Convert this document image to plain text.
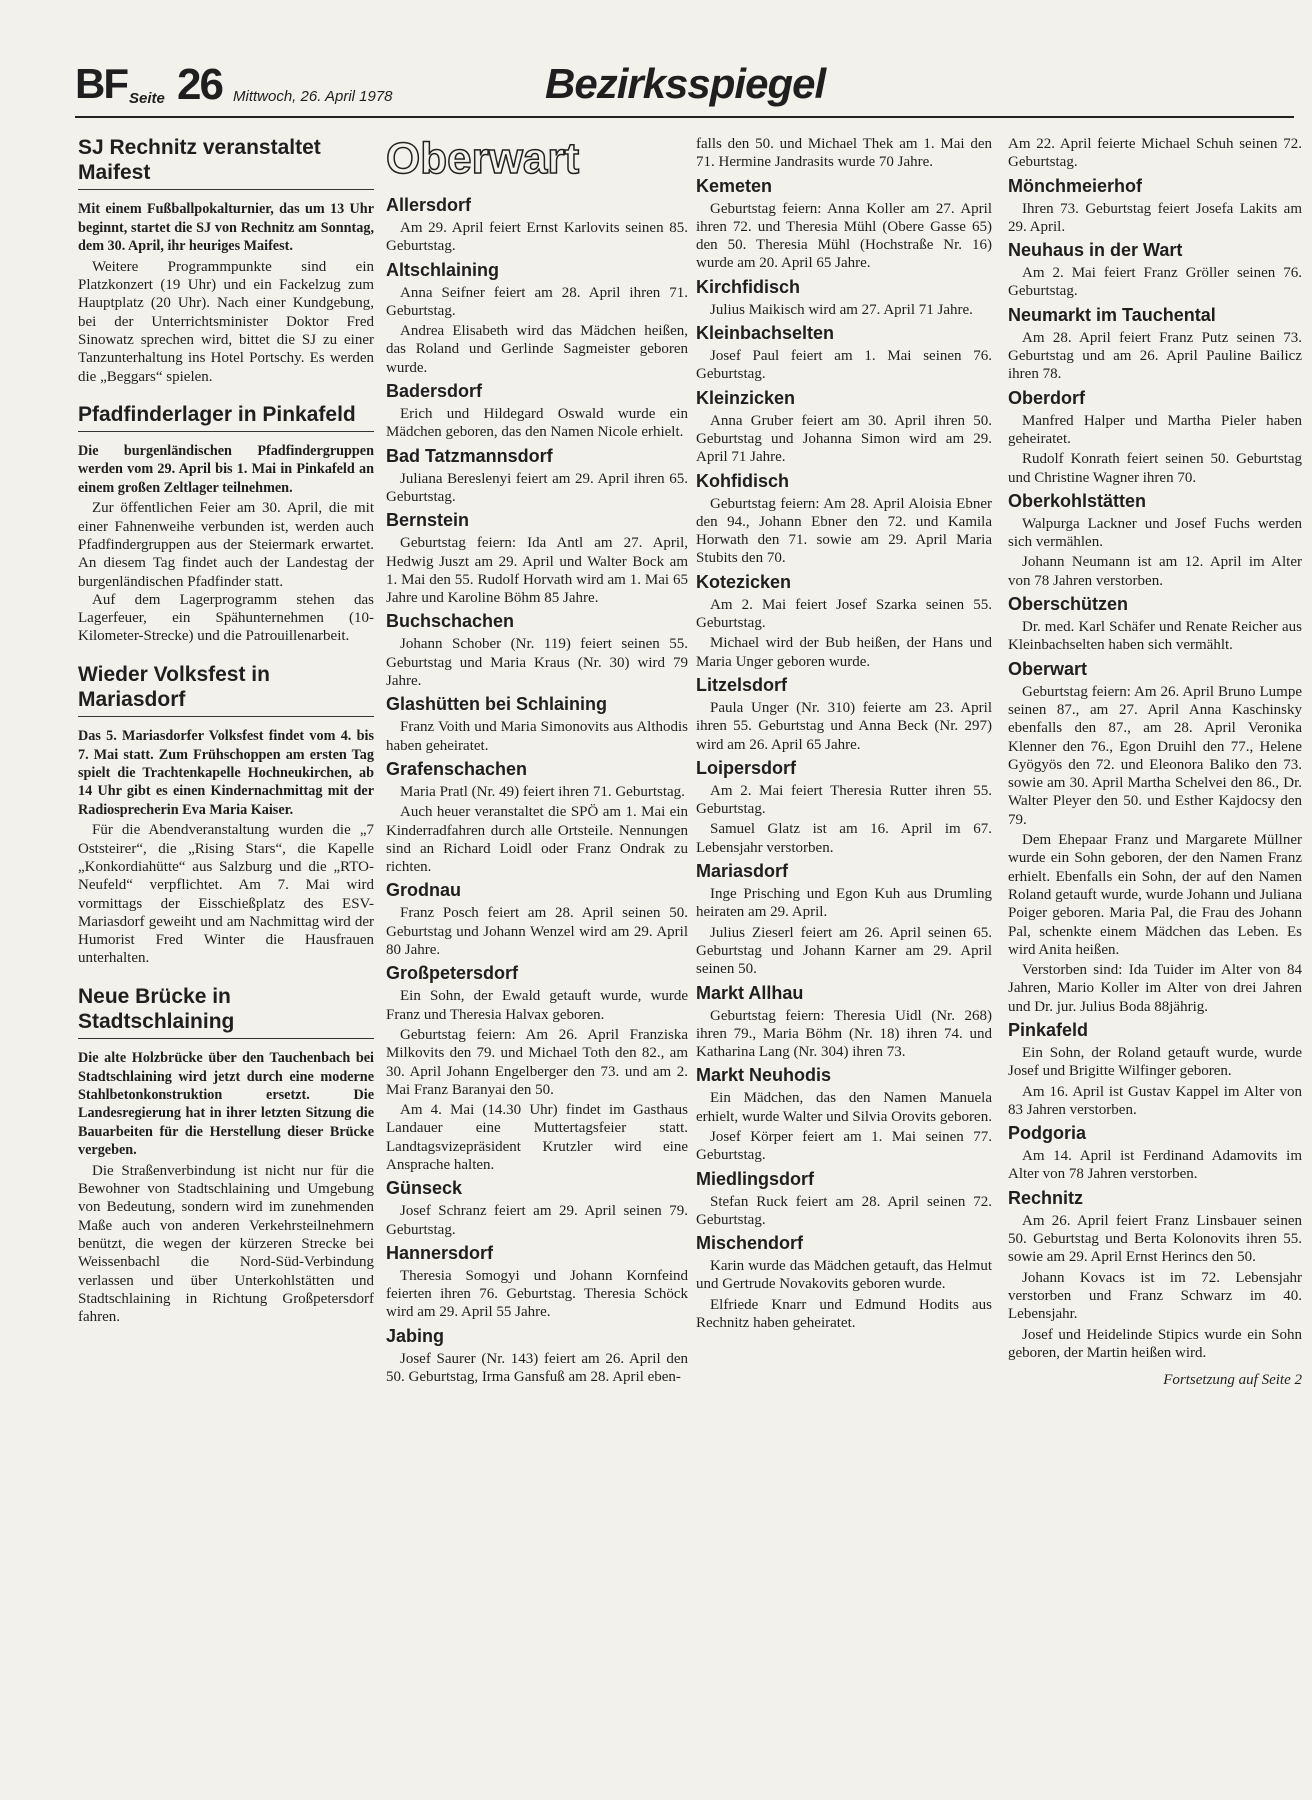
BF Seite 26 Mittwoch, 26. April 1978	Bezirksspiegel
SJ Rechnitz veranstaltet Maifest

Mit einem Fußballpokalturnier, das um 13 Uhr beginnt, startet die SJ von Rechnitz am Sonntag, dem 30. April, ihr heuriges Maifest.

Weitere Programmpunkte sind ein Platzkonzert (19 Uhr) und ein Fackelzug zum Hauptplatz (20 Uhr). Nach einer Kundgebung, bei der Unterrichtsminister Doktor Fred Sinowatz sprechen wird, bittet die SJ zu einer Tanzunterhaltung ins Hotel Portschy. Es werden die „Beggars“ spielen.

Pfadfinderlager in Pinkafeld

Die burgenländischen Pfadfindergruppen werden vom 29. April bis 1. Mai in Pinkafeld an einem großen Zeltlager teilnehmen.

Zur öffentlichen Feier am 30. April, die mit einer Fahnenweihe verbunden ist, werden auch Pfadfindergruppen aus der Steiermark erwartet. An diesem Tag findet auch der Landestag der burgenländischen Pfadfinder statt.

Auf dem Lagerprogramm stehen das Lagerfeuer, ein Spähunternehmen (10-Kilometer-Strecke) und die Patrouillenarbeit.

Wieder Volksfest in Mariasdorf

Das 5. Mariasdorfer Volksfest findet vom 4. bis 7. Mai statt. Zum Frühschoppen am ersten Tag spielt die Trachtenkapelle Hochneukirchen, ab 14 Uhr gibt es einen Kindernachmittag mit der Radiosprecherin Eva Maria Kaiser.

Für die Abendveranstaltung wurden die „7 Oststeirer“, die „Rising Stars“, die Kapelle „Konkordiahütte“ aus Salzburg und die „RTO-Neufeld“ verpflichtet. Am 7. Mai wird vormittags der Eisschießplatz des ESV-Mariasdorf geweiht und am Nachmittag wird der Humorist Fred Winter die Hausfrauen unterhalten.

Neue Brücke in Stadtschlaining

Die alte Holzbrücke über den Tauchenbach bei Stadtschlaining wird jetzt durch eine moderne Stahlbetonkonstruktion ersetzt. Die Landesregierung hat in ihrer letzten Sitzung die Bauarbeiten für die Herstellung dieser Brücke vergeben.

Die Straßenverbindung ist nicht nur für die Bewohner von Stadtschlaining und Umgebung von Bedeutung, sondern wird im zunehmenden Maße auch von anderen Verkehrsteilnehmern benützt, die wegen der kürzeren Strecke bei Weissenbachl die Nord-Süd-Verbindung verlassen und über Unterkohlstätten und Stadtschlaining in Richtung Großpetersdorf fahren.

Oberwart
Allersdorf

Am 29. April feiert Ernst Karlovits seinen 85. Geburtstag.

Altschlaining

Anna Seifner feiert am 28. April ihren 71. Geburtstag.

Andrea Elisabeth wird das Mädchen heißen, das Roland und Gerlinde Sagmeister geboren wurde.

Badersdorf

Erich und Hildegard Oswald wurde ein Mädchen geboren, das den Namen Nicole erhielt.

Bad Tatzmannsdorf

Juliana Bereslenyi feiert am 29. April ihren 65. Geburtstag.

Bernstein

Geburtstag feiern: Ida Antl am 27. April, Hedwig Juszt am 29. April und Walter Bock am 1. Mai den 55. Rudolf Horvath wird am 1. Mai 65 Jahre und Karoline Böhm 85 Jahre.

Buchschachen

Johann Schober (Nr. 119) feiert seinen 55. Geburtstag und Maria Kraus (Nr. 30) wird 79 Jahre.

Glashütten bei Schlaining

Franz Voith und Maria Simonovits aus Althodis haben geheiratet.

Grafenschachen

Maria Pratl (Nr. 49) feiert ihren 71. Geburtstag.

Auch heuer veranstaltet die SPÖ am 1. Mai ein Kinderradfahren durch alle Ortsteile. Nennungen sind an Richard Loidl oder Franz Ondrak zu richten.

Grodnau

Franz Posch feiert am 28. April seinen 50. Geburtstag und Johann Wenzel wird am 29. April 80 Jahre.

Großpetersdorf

Ein Sohn, der Ewald getauft wurde, wurde Franz und Theresia Halvax geboren.

Geburtstag feiern: Am 26. April Franziska Milkovits den 79. und Michael Toth den 82., am 30. April Johann Engelberger den 73. und am 2. Mai Franz Baranyai den 50.

Am 4. Mai (14.30 Uhr) findet im Gasthaus Landauer eine Muttertagsfeier statt. Landtagsvizepräsident Krutzler wird eine Ansprache halten.

Günseck

Josef Schranz feiert am 29. April seinen 79. Geburtstag.

Hannersdorf

Theresia Somogyi und Johann Kornfeind feierten ihren 76. Geburtstag. Theresia Schöck wird am 29. April 55 Jahre.

Jabing

Josef Saurer (Nr. 143) feiert am 26. April den 50. Geburtstag, Irma Gansfuß am 28. April eben-

falls den 50. und Michael Thek am 1. Mai den 71. Hermine Jandrasits wurde 70 Jahre.

Kemeten

Geburtstag feiern: Anna Koller am 27. April ihren 72. und Theresia Mühl (Obere Gasse 65) den 50. Theresia Mühl (Hochstraße Nr. 16) wurde am 20. April 65 Jahre.

Kirchfidisch

Julius Maikisch wird am 27. April 71 Jahre.

Kleinbachselten

Josef Paul feiert am 1. Mai seinen 76. Geburtstag.

Kleinzicken

Anna Gruber feiert am 30. April ihren 50. Geburtstag und Johanna Simon wird am 29. April 71 Jahre.

Kohfidisch

Geburtstag feiern: Am 28. April Aloisia Ebner den 94., Johann Ebner den 72. und Kamila Horwath den 71. sowie am 29. April Maria Stubits den 70.

Kotezicken

Am 2. Mai feiert Josef Szarka seinen 55. Geburtstag.

Michael wird der Bub heißen, der Hans und Maria Unger geboren wurde.

Litzelsdorf

Paula Unger (Nr. 310) feierte am 23. April ihren 55. Geburtstag und Anna Beck (Nr. 297) wird am 26. April 65 Jahre.

Loipersdorf

Am 2. Mai feiert Theresia Rutter ihren 55. Geburtstag.

Samuel Glatz ist am 16. April im 67. Lebensjahr verstorben.

Mariasdorf

Inge Prisching und Egon Kuh aus Drumling heiraten am 29. April.

Julius Zieserl feiert am 26. April seinen 65. Geburtstag und Johann Karner am 29. April seinen 50.

Markt Allhau

Geburtstag feiern: Theresia Uidl (Nr. 268) ihren 79., Maria Böhm (Nr. 18) ihren 74. und Katharina Lang (Nr. 304) ihren 73.

Markt Neuhodis

Ein Mädchen, das den Namen Manuela erhielt, wurde Walter und Silvia Orovits geboren.

Josef Körper feiert am 1. Mai seinen 77. Geburtstag.

Miedlingsdorf

Stefan Ruck feiert am 28. April seinen 72. Geburtstag.

Mischendorf

Karin wurde das Mädchen getauft, das Helmut und Gertrude Novakovits geboren wurde.

Elfriede Knarr und Edmund Hodits aus Rechnitz haben geheiratet.

Am 22. April feierte Michael Schuh seinen 72. Geburtstag.

Mönchmeierhof

Ihren 73. Geburtstag feiert Josefa Lakits am 29. April.

Neuhaus in der Wart

Am 2. Mai feiert Franz Gröller seinen 76. Geburtstag.

Neumarkt im Tauchental

Am 28. April feiert Franz Putz seinen 73. Geburtstag und am 26. April Pauline Bailicz ihren 78.

Oberdorf

Manfred Halper und Martha Pieler haben geheiratet.

Rudolf Konrath feiert seinen 50. Geburtstag und Christine Wagner ihren 70.

Oberkohlstätten

Walpurga Lackner und Josef Fuchs werden sich vermählen.

Johann Neumann ist am 12. April im Alter von 78 Jahren verstorben.

Oberschützen

Dr. med. Karl Schäfer und Renate Reicher aus Kleinbachselten haben sich vermählt.

Oberwart

Geburtstag feiern: Am 26. April Bruno Lumpe seinen 87., am 27. April Anna Kaschinsky ebenfalls den 87., am 28. April Veronika Klenner den 76., Egon Druihl den 77., Helene Gyögyös den 72. und Eleonora Baliko den 73. sowie am 30. April Martha Schelvei den 86., Dr. Walter Pleyer den 50. und Esther Kajdocsy den 79.

Dem Ehepaar Franz und Margarete Müllner wurde ein Sohn geboren, der den Namen Franz erhielt. Ebenfalls ein Sohn, der auf den Namen Roland getauft wurde, wurde Johann und Juliana Poiger geboren. Maria Pal, die Frau des Johann Pal, schenkte einem Mädchen das Leben. Es wird Anita heißen.

Verstorben sind: Ida Tuider im Alter von 84 Jahren, Mario Koller im Alter von drei Jahren und Dr. jur. Julius Boda 88jährig.

Pinkafeld

Ein Sohn, der Roland getauft wurde, wurde Josef und Brigitte Wilfinger geboren.

Am 16. April ist Gustav Kappel im Alter von 83 Jahren verstorben.

Podgoria

Am 14. April ist Ferdinand Adamovits im Alter von 78 Jahren verstorben.

Rechnitz

Am 26. April feiert Franz Linsbauer seinen 50. Geburtstag und Berta Kolonovits ihren 55. sowie am 29. April Ernst Herincs den 50.

Johann Kovacs ist im 72. Lebensjahr verstorben und Franz Schwarz im 40. Lebensjahr.

Josef und Heidelinde Stipics wurde ein Sohn geboren, der Martin heißen wird.

Fortsetzung auf Seite 2
